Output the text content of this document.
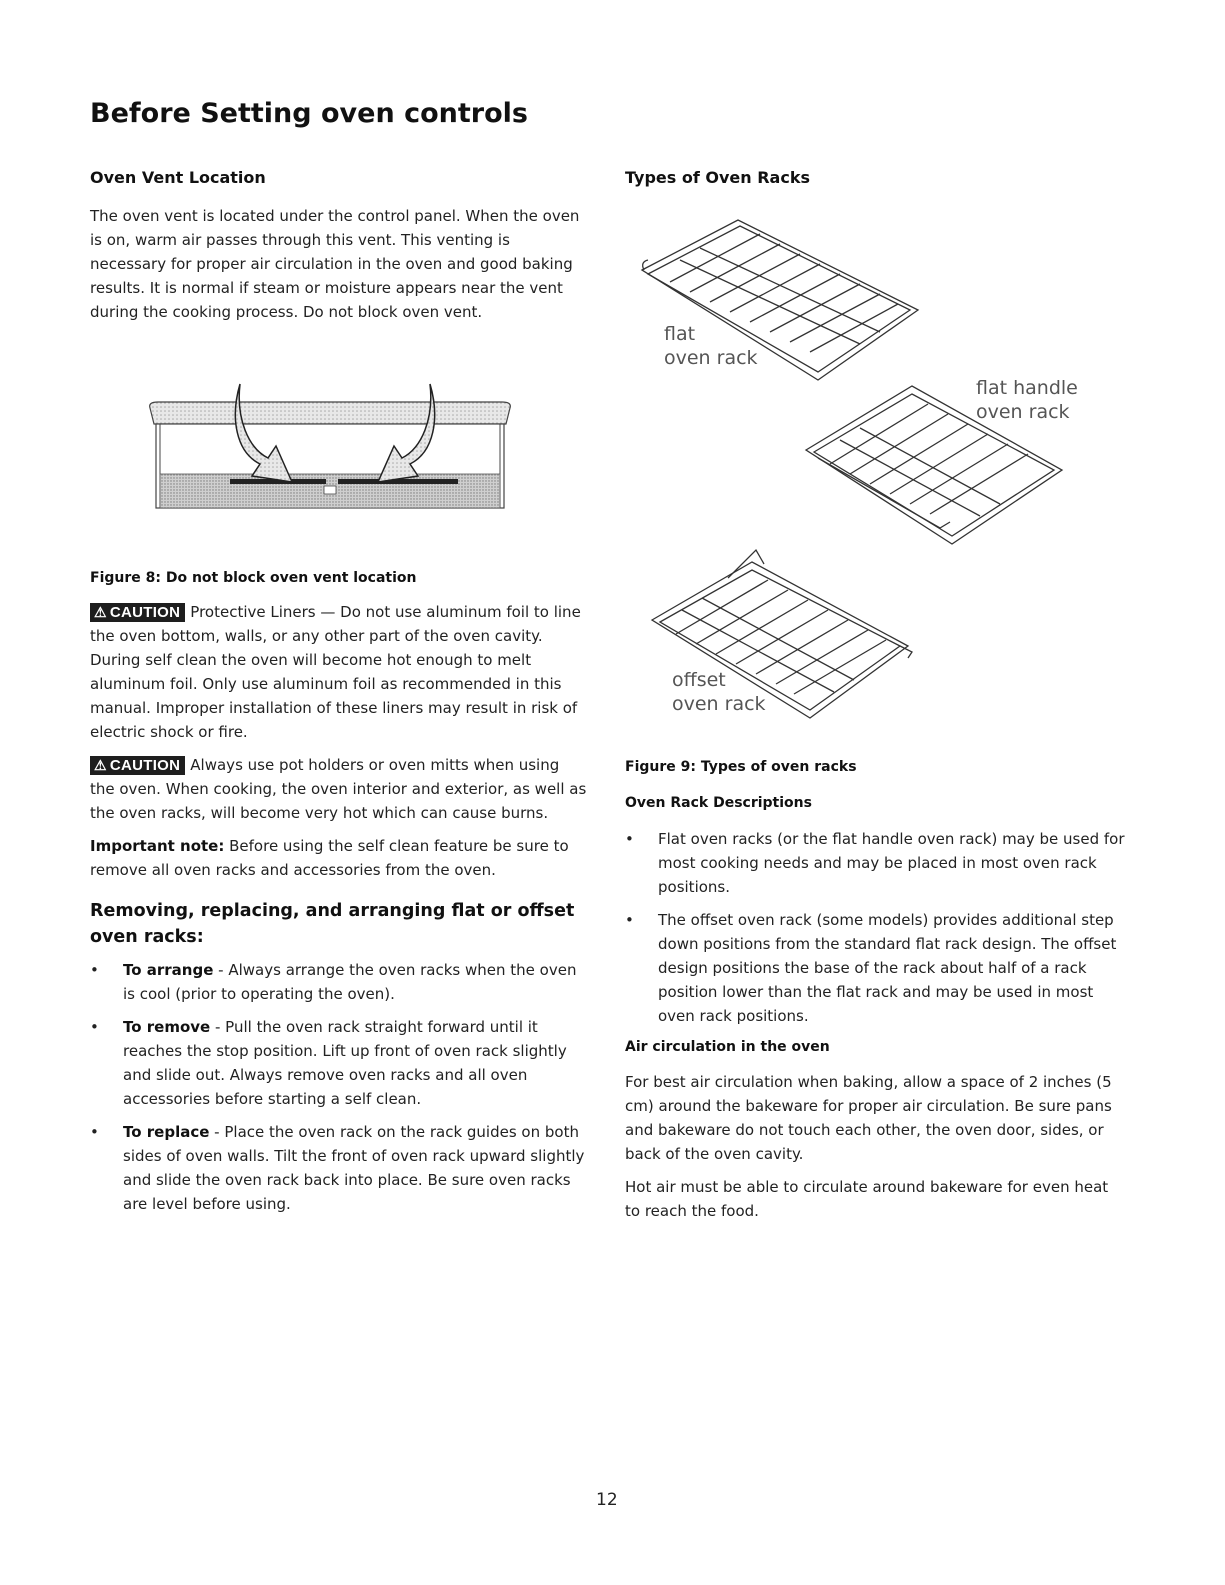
Before Setting oven controls
Oven Vent Location

The oven vent is located under the control panel. When the oven is on, warm air passes through this vent. This venting is necessary for proper air circulation in the oven and good baking results. It is normal if steam or moisture appears near the vent during the cooking process. Do not block oven vent.

Figure 8: Do not block oven vent location

⚠ CAUTION Protective Liners — Do not use aluminum foil to line the oven bottom, walls, or any other part of the oven cavity. During self clean the oven will become hot enough to melt aluminum foil. Only use aluminum foil as recommended in this manual. Improper installation of these liners may result in risk of electric shock or fire.

⚠ CAUTION Always use pot holders or oven mitts when using the oven. When cooking, the oven interior and exterior, as well as the oven racks, will become very hot which can cause burns.

Important note: Before using the self clean feature be sure to remove all oven racks and accessories from the oven.

Removing, replacing, and arranging flat or offset oven racks:
• To arrange - Always arrange the oven racks when the oven is cool (prior to operating the oven).
• To remove - Pull the oven rack straight forward until it reaches the stop position. Lift up front of oven rack slightly and slide out. Always remove oven racks and all oven accessories before starting a self clean.
• To replace - Place the oven rack on the rack guides on both sides of oven walls. Tilt the front of oven rack upward slightly and slide the oven rack back into place. Be sure oven racks are level before using.
Types of Oven Racks
flat
oven rack
flat handle
oven rack
offset
oven rack

Figure 9: Types of oven racks

Oven Rack Descriptions

• Flat oven racks (or the flat handle oven rack) may be used for most cooking needs and may be placed in most oven rack positions.
• The offset oven rack (some models) provides additional step down positions from the standard flat rack design. The offset design positions the base of the rack about half of a rack position lower than the flat rack and may be used in most oven rack positions.

Air circulation in the oven

For best air circulation when baking, allow a space of 2 inches (5 cm) around the bakeware for proper air circulation. Be sure pans and bakeware do not touch each other, the oven door, sides, or back of the oven cavity.

Hot air must be able to circulate around bakeware for even heat to reach the food.

12
